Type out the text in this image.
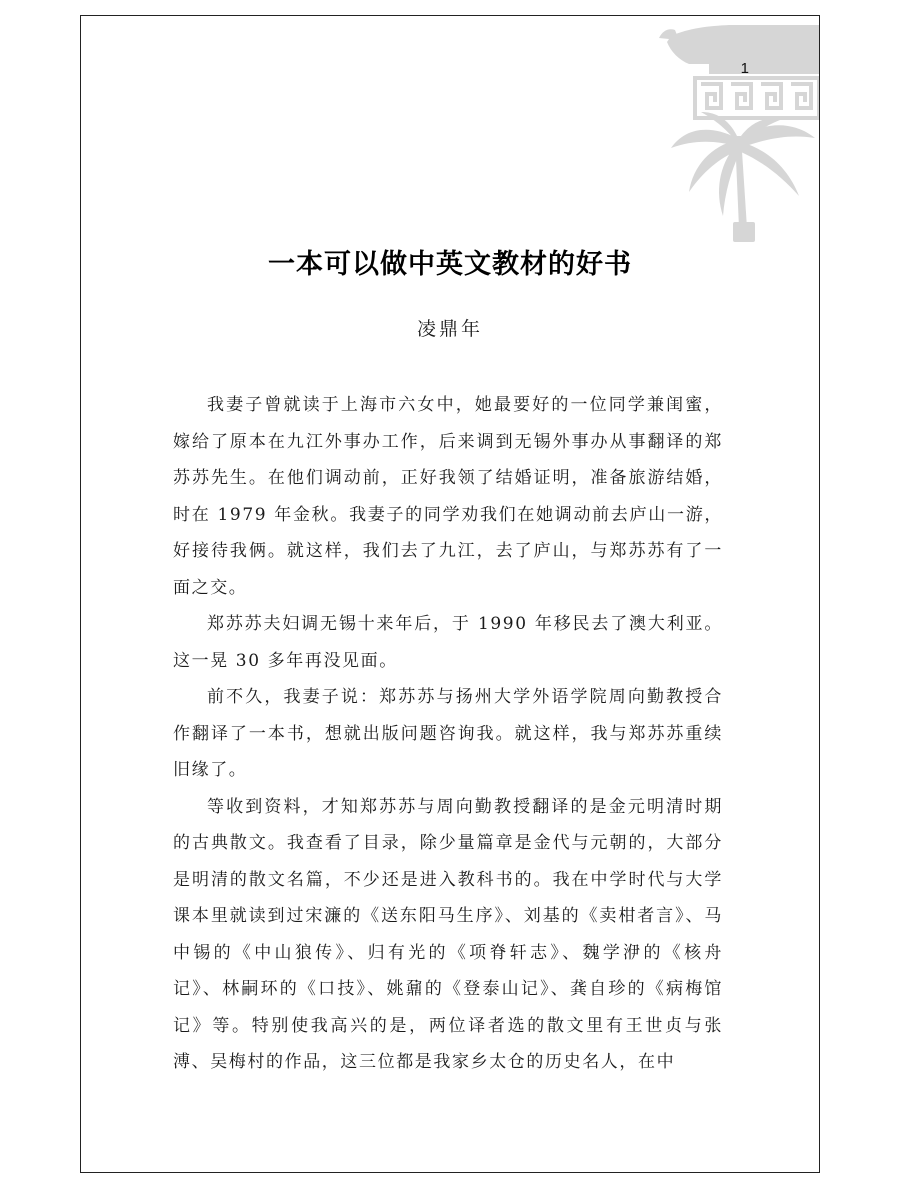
1
一本可以做中英文教材的好书
凌鼎年

我妻子曾就读于上海市六女中，她最要好的一位同学兼闺蜜，嫁给了原本在九江外事办工作，后来调到无锡外事办从事翻译的郑苏苏先生。在他们调动前，正好我领了结婚证明，准备旅游结婚，时在 1979 年金秋。我妻子的同学劝我们在她调动前去庐山一游，好接待我俩。就这样，我们去了九江，去了庐山，与郑苏苏有了一面之交。

郑苏苏夫妇调无锡十来年后，于 1990 年移民去了澳大利亚。这一晃 30 多年再没见面。

前不久，我妻子说：郑苏苏与扬州大学外语学院周向勤教授合作翻译了一本书，想就出版问题咨询我。就这样，我与郑苏苏重续旧缘了。

等收到资料，才知郑苏苏与周向勤教授翻译的是金元明清时期的古典散文。我查看了目录，除少量篇章是金代与元朝的，大部分是明清的散文名篇，不少还是进入教科书的。我在中学时代与大学课本里就读到过宋濂的《送东阳马生序》、刘基的《卖柑者言》、马中锡的《中山狼传》、归有光的《项脊轩志》、魏学洢的《核舟记》、林嗣环的《口技》、姚鼐的《登泰山记》、龚自珍的《病梅馆记》等。特别使我高兴的是，两位译者选的散文里有王世贞与张溥、吴梅村的作品，这三位都是我家乡太仓的历史名人，在中
